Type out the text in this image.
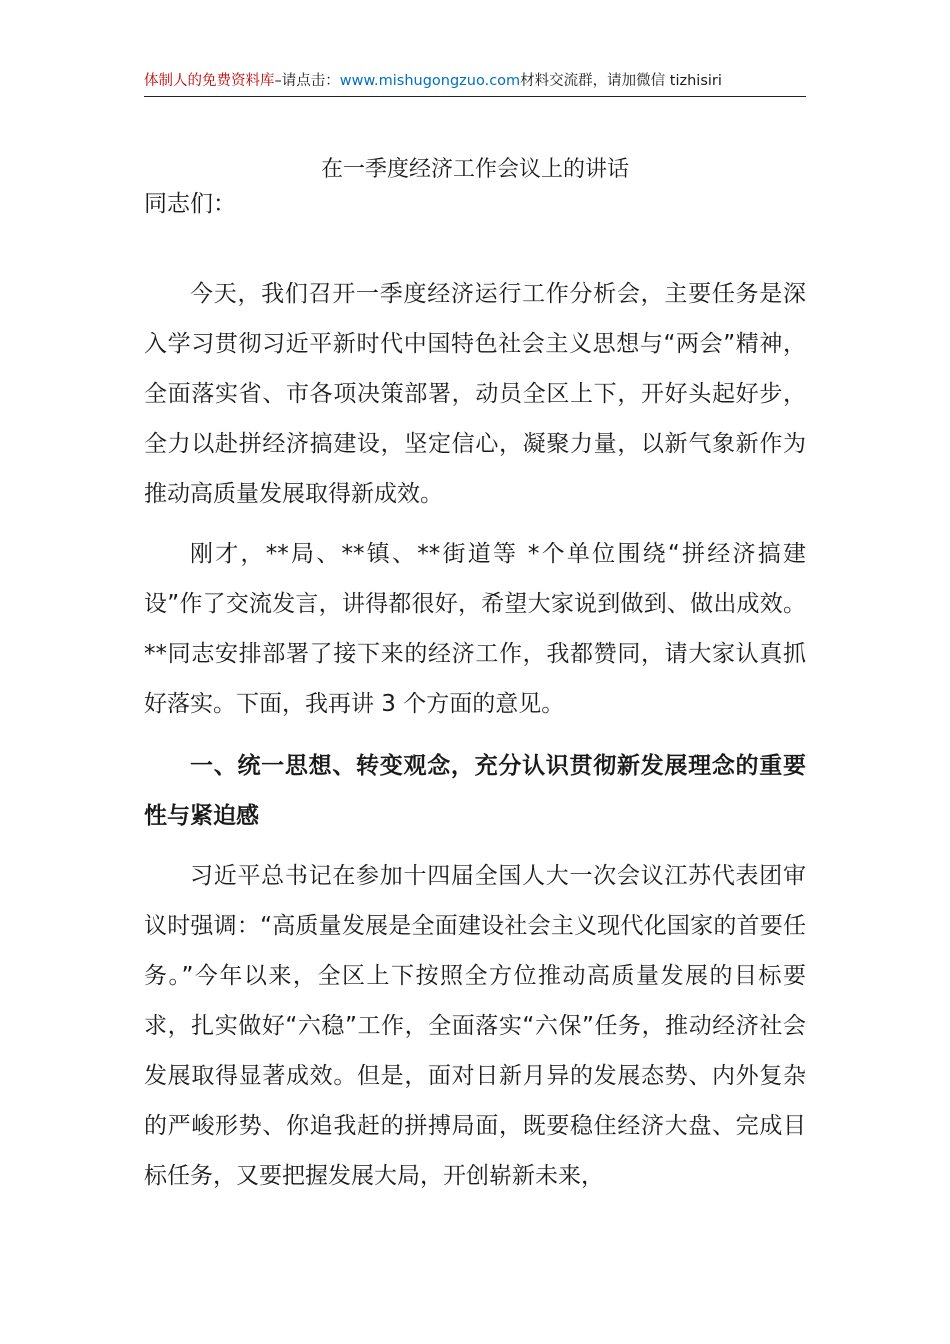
体制人的免费资料库–请点击：www.mishugongzuo.com材料交流群，请加微信 tizhisiri
在一季度经济工作会议上的讲话
同志们：

今天，我们召开一季度经济运行工作分析会，主要任务是深入学习贯彻习近平新时代中国特色社会主义思想与“两会”精神，全面落实省、市各项决策部署，动员全区上下，开好头起好步，全力以赴拼经济搞建设，坚定信心，凝聚力量，以新气象新作为推动高质量发展取得新成效。

刚才，**局、**镇、**街道等 *个单位围绕“拼经济搞建设”作了交流发言，讲得都很好，希望大家说到做到、做出成效。**同志安排部署了接下来的经济工作，我都赞同，请大家认真抓好落实。下面，我再讲 3 个方面的意见。

一、统一思想、转变观念，充分认识贯彻新发展理念的重要性与紧迫感

习近平总书记在参加十四届全国人大一次会议江苏代表团审议时强调：“高质量发展是全面建设社会主义现代化国家的首要任务。”今年以来，全区上下按照全方位推动高质量发展的目标要求，扎实做好“六稳”工作，全面落实“六保”任务，推动经济社会发展取得显著成效。但是，面对日新月异的发展态势、内外复杂的严峻形势、你追我赶的拼搏局面，既要稳住经济大盘、完成目标任务，又要把握发展大局，开创崭新未来，
